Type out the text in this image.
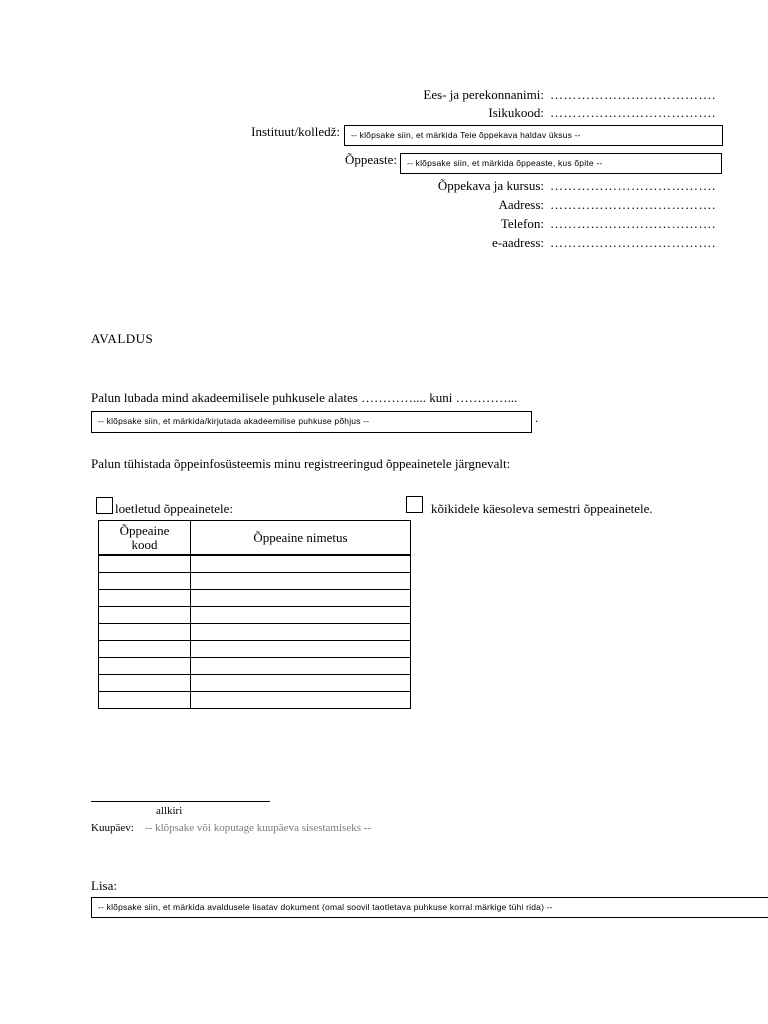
Ees- ja perekonnanimi: ……………………………….
Isikukood: ……………………………….
Instituut/kolledž:	-- klõpsake siin, et märkida Teie õppekava haldav üksus --
Õppeaste:	-- klõpsake siin, et märkida õppeaste, kus õpite --
Õppekava ja kursus: ……………………………….
Aadress: ……………………………….
Telefon: ……………………………….
e-aadress: ……………………………….
AVALDUS
Palun lubada mind akadeemilisele puhkusele alates ………….... kuni …………...
-- klõpsake siin, et märkida/kirjutada akadeemilise puhkuse põhjus --	.
Palun tühistada õppeinfosüsteemis minu registreeringud õppeainetele järgnevalt:
loetletud õppeainetele:	kõikidele käesoleva semestri õppeainetele.
Õppeaine kood	Õppeaine nimetus

allkiri
Kuupäev: -- klõpsake või koputage kuupäeva sisestamiseks --
Lisa:
-- klõpsake siin, et märkida avaldusele lisatav dokument (omal soovil taotletava puhkuse korral märkige tühi rida) --
